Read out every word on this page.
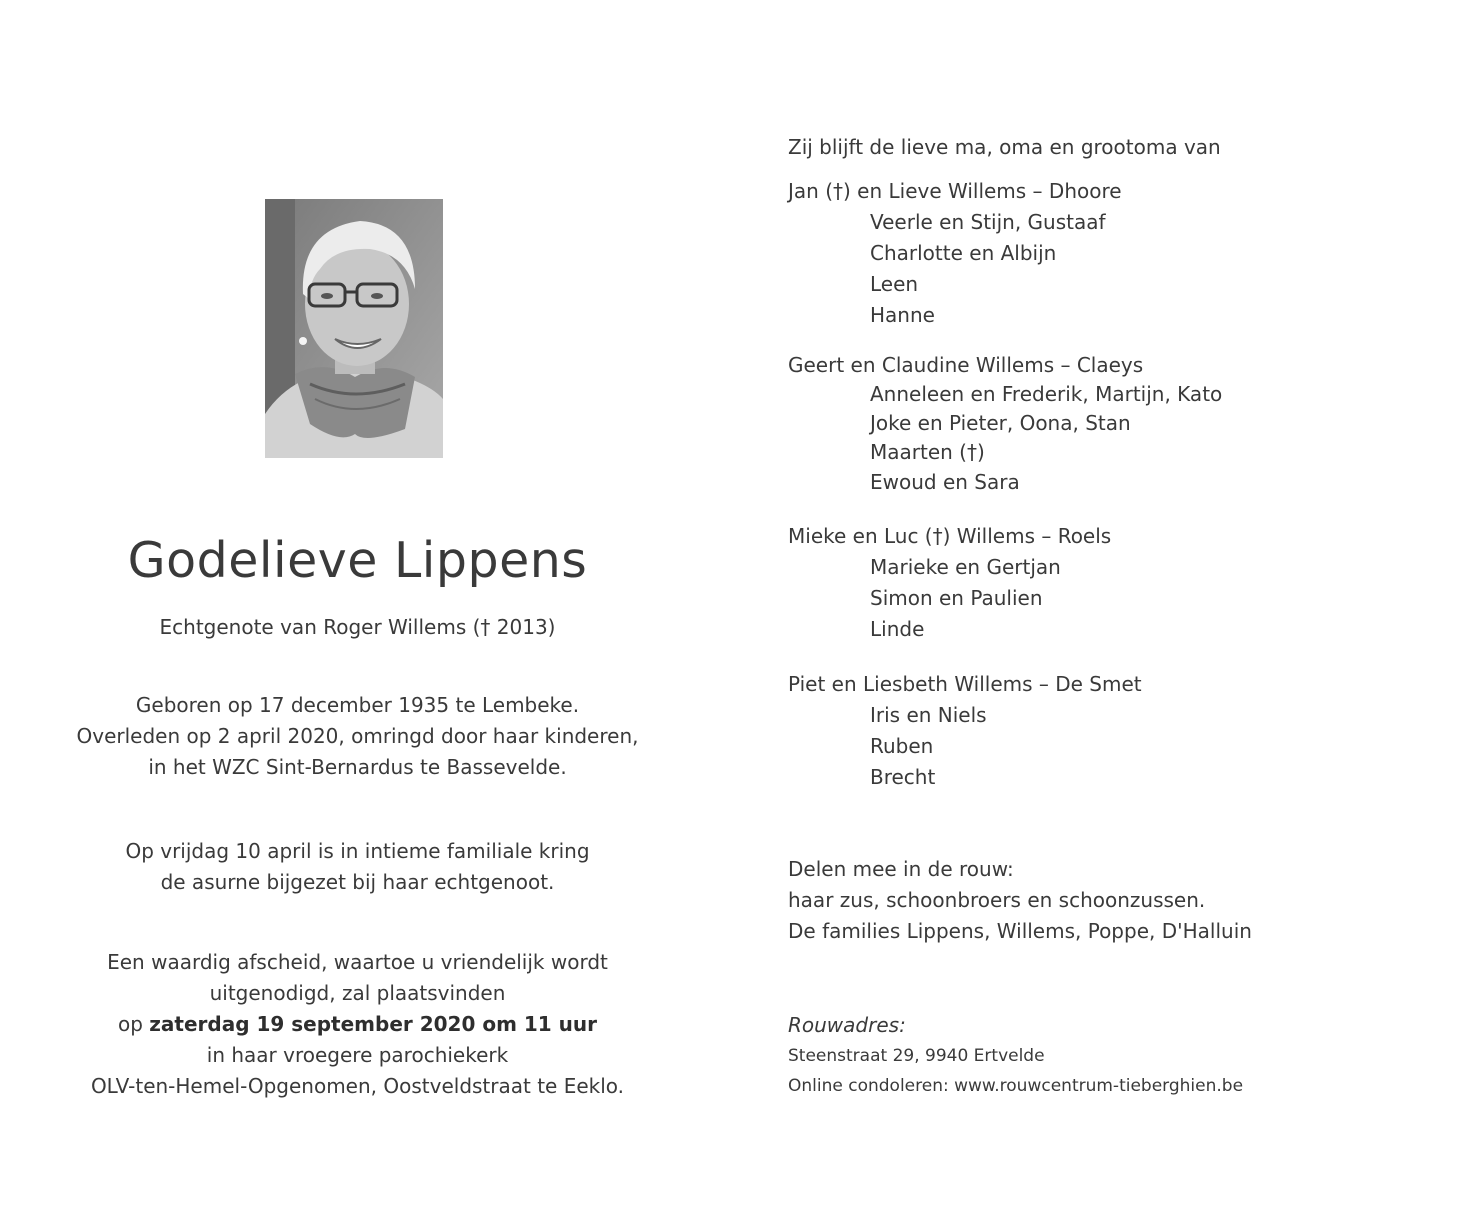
Godelieve Lippens
Echtgenote van Roger Willems († 2013)
Geboren op 17 december 1935 te Lembeke.
Overleden op 2 april 2020, omringd door haar kinderen,
in het WZC Sint-Bernardus te Bassevelde.
Op vrijdag 10 april is in intieme familiale kring
de asurne bijgezet bij haar echtgenoot.
Een waardig afscheid, waartoe u vriendelijk wordt
uitgenodigd, zal plaatsvinden
op zaterdag 19 september 2020 om 11 uur
in haar vroegere parochiekerk
OLV-ten-Hemel-Opgenomen, Oostveldstraat te Eeklo.
Zij blijft de lieve ma, oma en grootoma van
Jan (†) en Lieve Willems – Dhoore
Veerle en Stijn, Gustaaf
Charlotte en Albijn
Leen
Hanne
Geert en Claudine Willems – Claeys
Anneleen en Frederik, Martijn, Kato
Joke en Pieter, Oona, Stan
Maarten (†)
Ewoud en Sara
Mieke en Luc (†) Willems – Roels
Marieke en Gertjan
Simon en Paulien
Linde
Piet en Liesbeth Willems – De Smet
Iris en Niels
Ruben
Brecht
Delen mee in de rouw:
haar zus, schoonbroers en schoonzussen.
De families Lippens, Willems, Poppe, D'Halluin
Rouwadres:
Steenstraat 29, 9940 Ertvelde
Online condoleren: www.rouwcentrum-tieberghien.be
